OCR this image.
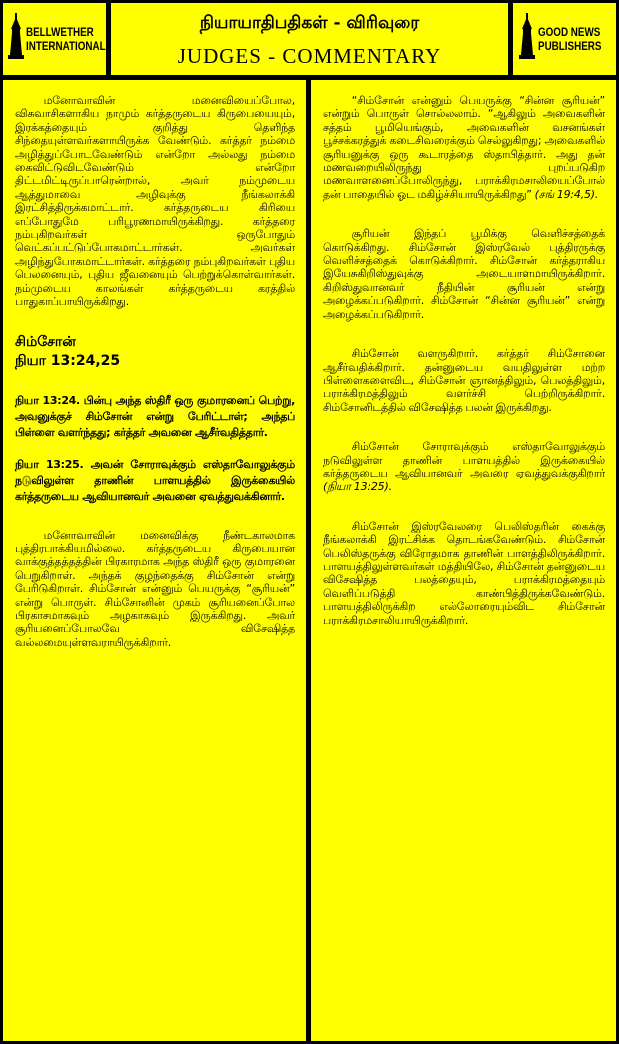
BELLWETHER INTERNATIONAL
நியாயாதிபதிகள் - விரிவுரை
JUDGES - COMMENTARY
GOOD NEWS PUBLISHERS

மனோவாவின் மனைவியைப்போல, விசுவாசிகளாகிய நாமும் கர்த்தருடைய கிருபையையும், இரக்கத்தையும் குறித்து தெளிந்த சிந்தையுள்ளவர்களாயிருக்க வேண்டும். கர்த்தர் நம்மை அழித்துப்போடவேண்டும் என்றோ அல்லது நம்மை கைவிட்டுவிடவேண்டும் என்றோ திட்டமிட்டிருப்பாரென்றால், அவர் நம்முடைய ஆத்துமாவை அழிவுக்கு நீங்கலாக்கி இரட்சித்திருக்கமாட்டார். கர்த்தருடைய கிரியை எப்போதுமே பரிபூரணமாயிருக்கிறது. கர்த்தரை நம்புகிறவர்கள் ஒருபோதும் வெட்கப்பட்டுப்போகமாட்டார்கள். அவர்கள் அழிந்துபோகமாட்டார்கள். கர்த்தரை நம்புகிறவர்கள் புதிய பெலனையும், புதிய ஜீவனையும் பெற்றுக்கொள்வார்கள். நம்முடைய காலங்கள் கர்த்தருடைய கரத்தில் பாதுகாப்பாயிருக்கிறது.

சிம்சோன்

நியா 13:24,25

நியா 13:24. பின்பு அந்த ஸ்திரீ ஒரு குமாரனைப் பெற்று, அவனுக்குச் சிம்சோன் என்று பேரிட்டாள்; அந்தப் பிள்ளை வளர்ந்தது; கர்த்தர் அவனை ஆசீர்வதித்தார்.

நியா 13:25. அவன் சோராவுக்கும் எஸ்தாவோலுக்கும் நடுவிலுள்ள தாணின் பாளயத்தில் இருக்கையில் கர்த்தருடைய ஆவியானவர் அவனை ஏவத்துவக்கினார்.

மனோவாவின் மனைவிக்கு நீண்டகாலமாக புத்திரபாக்கியமில்லை. கர்த்தருடைய கிருபையான வாக்குத்தத்தத்தின் பிரகாரமாக அந்த ஸ்திரீ ஒரு குமாரனை பெறுகிறாள். அந்தக் குழந்தைக்கு சிம்சோன் என்று பேரிடுகிறாள். சிம்சோன் என்னும் பெயருக்கு “சூரியன்” என்று பொருள். சிம்சோனின் முகம் சூரியனைப்போல பிரகாசமாகவும் அழகாகவும் இருக்கிறது. அவர் சூரியனைப்போலவே விசேஷித்த வல்லமையுள்ளவராயிருக்கிறார்.

“சிம்சோன் என்னும் பெயருக்கு “சின்ன சூரியன்” என்றும் பொருள் சொல்லலாம். “ஆகிலும் அவைகளின் சத்தம் பூமியெங்கும், அவைகளின் வசனங்கள் பூச்சக்கரத்துக் கடைசிவரைக்கும் செல்லுகிறது; அவைகளில் சூரியனுக்கு ஒரு கூடாரத்தை ஸ்தாபித்தார். அது தன் மணவறையிலிருந்து புறப்படுகிற மணவாளனைப்போலிருந்து, பராக்கிரமசாலியைப்போல் தன் பாதையில் ஓட மகிழ்ச்சியாயிருக்கிறது” (சங் 19:4,5).

சூரியன் இந்தப் பூமிக்கு வெளிச்சத்தைக் கொடுக்கிறது. சிம்சோன் இஸ்ரவேல் புத்திரருக்கு வெளிச்சத்தைக் கொடுக்கிறார். சிம்சோன் கர்த்தராகிய இயேசுகிறிஸ்துவுக்கு அடையாளமாயிருக்கிறார். கிறிஸ்துவானவர் நீதியின் சூரியன் என்று அழைக்கப்படுகிறார். சிம்சோன் “சின்ன சூரியன்” என்று அழைக்கப்படுகிறார்.

சிம்சோன் வளருகிறார். கர்த்தர் சிம்சோனை ஆசீர்வதிக்கிறார். தன்னுடைய வயதிலுள்ள மற்ற பிள்ளைகளைவிட, சிம்சோன் ஞானத்திலும், பெலத்திலும், பராக்கிரமத்திலும் வளர்ச்சி பெற்றிருக்கிறார். சிம்சோனிடத்தில் விசேஷித்த பலன் இருக்கிறது.

சிம்சோன் சோராவுக்கும் எஸ்தாவோலுக்கும் நடுவிலுள்ள தாணின் பாளயத்தில் இருக்கையில் கர்த்தருடைய ஆவியானவர் அவரை ஏவத்துவக்குகிறார் (நியா 13:25).

சிம்சோன் இஸ்ரவேலரை பெலிஸ்தரின் கைக்கு நீங்கலாக்கி இரட்சிக்க தொடங்கவேண்டும். சிம்சோன் பெலிஸ்தருக்கு விரோதமாக தாணின் பாளத்திலிருக்கிறார். பாளயத்திலுள்ளவர்கள் மத்தியிலே, சிம்சோன் தன்னுடைய விசேஷித்த பலத்தையும், பராக்கிரமத்தையும் வெளிப்படுத்தி காண்பித்திருக்கவேண்டும். பாளயத்திலிருக்கிற எல்லோரையும்விட சிம்சோன் பராக்கிரமசாலியாயிருக்கிறார்.
